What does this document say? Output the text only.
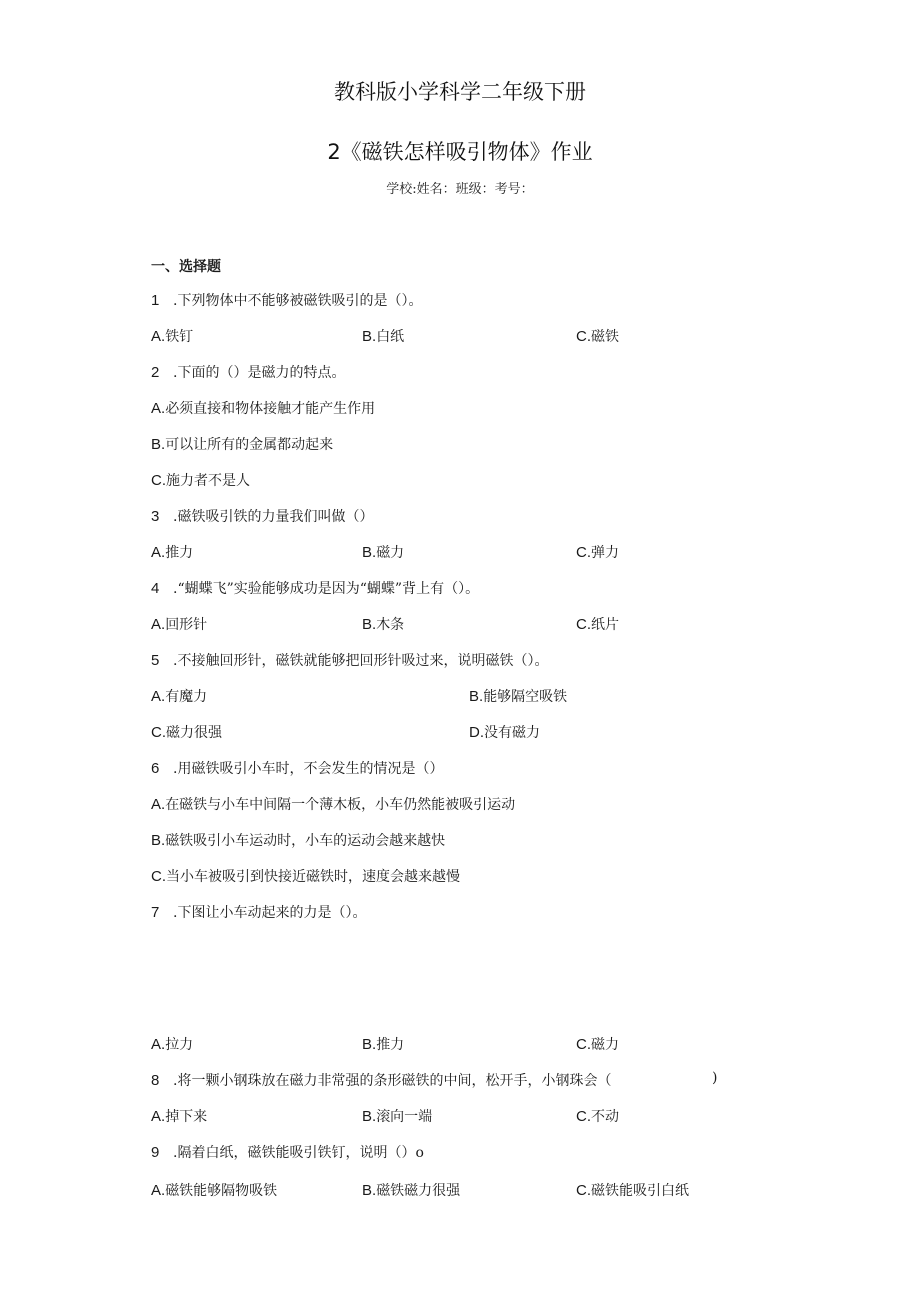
教科版小学科学二年级下册
2《磁铁怎样吸引物体》作业
学校:姓名：班级：考号：
一、选择题
1 .下列物体中不能够被磁铁吸引的是（）。
A.铁钉	B.白纸	C.磁铁
2 .下面的（）是磁力的特点。
A.必须直接和物体接触才能产生作用
B.可以让所有的金属都动起来
C.施力者不是人
3 .磁铁吸引铁的力量我们叫做（）
A.推力	B.磁力	C.弹力
4 .“蝴蝶飞”实验能够成功是因为“蝴蝶”背上有（）。
A.回形针	B.木条	C.纸片
5 .不接触回形针，磁铁就能够把回形针吸过来，说明磁铁（）。
A.有魔力	B.能够隔空吸铁
C.磁力很强	D.没有磁力
6 .用磁铁吸引小车时，不会发生的情况是（）
A.在磁铁与小车中间隔一个薄木板，小车仍然能被吸引运动
B.磁铁吸引小车运动时，小车的运动会越来越快
C.当小车被吸引到快接近磁铁时，速度会越来越慢
7 .下图让小车动起来的力是（）。
A.拉力	B.推力	C.磁力
8 .将一颗小钢珠放在磁力非常强的条形磁铁的中间，松开手，小钢珠会（	)
A.掉下来	B.滚向一端	C.不动
9 .隔着白纸，磁铁能吸引铁钉，说明（）o
A.磁铁能够隔物吸铁	B.磁铁磁力很强	C.磁铁能吸引白纸
